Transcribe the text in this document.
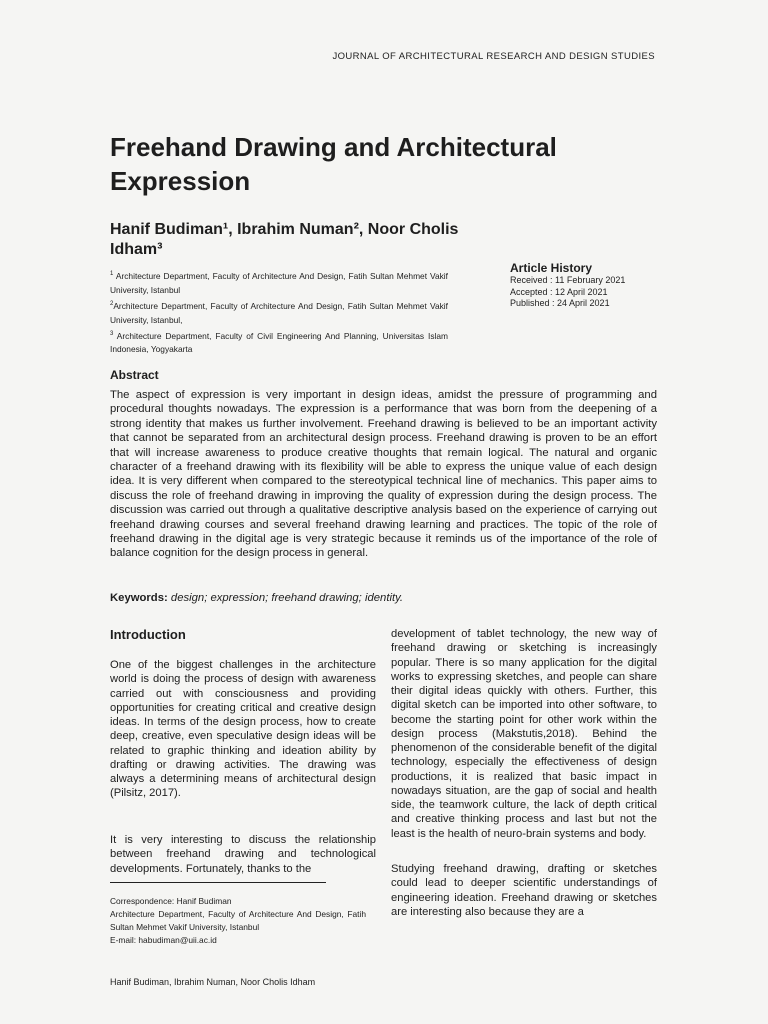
JOURNAL OF ARCHITECTURAL RESEARCH AND DESIGN STUDIES
Freehand Drawing and Architectural Expression
Hanif Budiman¹, Ibrahim Numan², Noor Cholis Idham³

$^1$ Architecture Department, Faculty of Architecture And Design, Fatih Sultan Mehmet Vakif University, Istanbul

$^2$Architecture Department, Faculty of Architecture And Design, Fatih Sultan Mehmet Vakif University, Istanbul,

$^3$ Architecture Department, Faculty of Civil Engineering And Planning, Universitas Islam Indonesia, Yogyakarta

Article History
Received : 11 February 2021
Accepted : 12 April 2021
Published : 24 April 2021
Abstract

The aspect of expression is very important in design ideas, amidst the pressure of programming and procedural thoughts nowadays. The expression is a performance that was born from the deepening of a strong identity that makes us further involvement. Freehand drawing is believed to be an important activity that cannot be separated from an architectural design process. Freehand drawing is proven to be an effort that will increase awareness to produce creative thoughts that remain logical. The natural and organic character of a freehand drawing with its flexibility will be able to express the unique value of each design idea. It is very different when compared to the stereotypical technical line of mechanics. This paper aims to discuss the role of freehand drawing in improving the quality of expression during the design process. The discussion was carried out through a qualitative descriptive analysis based on the experience of carrying out freehand drawing courses and several freehand drawing learning and practices. The topic of the role of freehand drawing in the digital age is very strategic because it reminds us of the importance of the role of balance cognition for the design process in general.

Keywords: design; expression; freehand drawing; identity.
Introduction

One of the biggest challenges in the architecture world is doing the process of design with awareness carried out with consciousness and providing opportunities for creating critical and creative design ideas. In terms of the design process, how to create deep, creative, even speculative design ideas will be related to graphic thinking and ideation ability by drafting or drawing activities. The drawing was always a determining means of architectural design (Pilsitz, 2017).

It is very interesting to discuss the relationship between freehand drawing and technological developments. Fortunately, thanks to the

development of tablet technology, the new way of freehand drawing or sketching is increasingly popular. There is so many application for the digital works to expressing sketches, and people can share their digital ideas quickly with others. Further, this digital sketch can be imported into other software, to become the starting point for other work within the design process (Makstutis,2018). Behind the phenomenon of the considerable benefit of the digital technology, especially the effectiveness of design productions, it is realized that basic impact in nowadays situation, are the gap of social and health side, the teamwork culture, the lack of depth critical and creative thinking process and last but not the least is the health of neuro-brain systems and body.

Studying freehand drawing, drafting or sketches could lead to deeper scientific understandings of engineering ideation. Freehand drawing or sketches are interesting also because they are a

Correspondence: Hanif Budiman

Architecture Department, Faculty of Architecture And Design, Fatih Sultan Mehmet Vakif University, Istanbul

E-mail: habudiman@uii.ac.id

Hanif Budiman, Ibrahim Numan, Noor Cholis Idham
